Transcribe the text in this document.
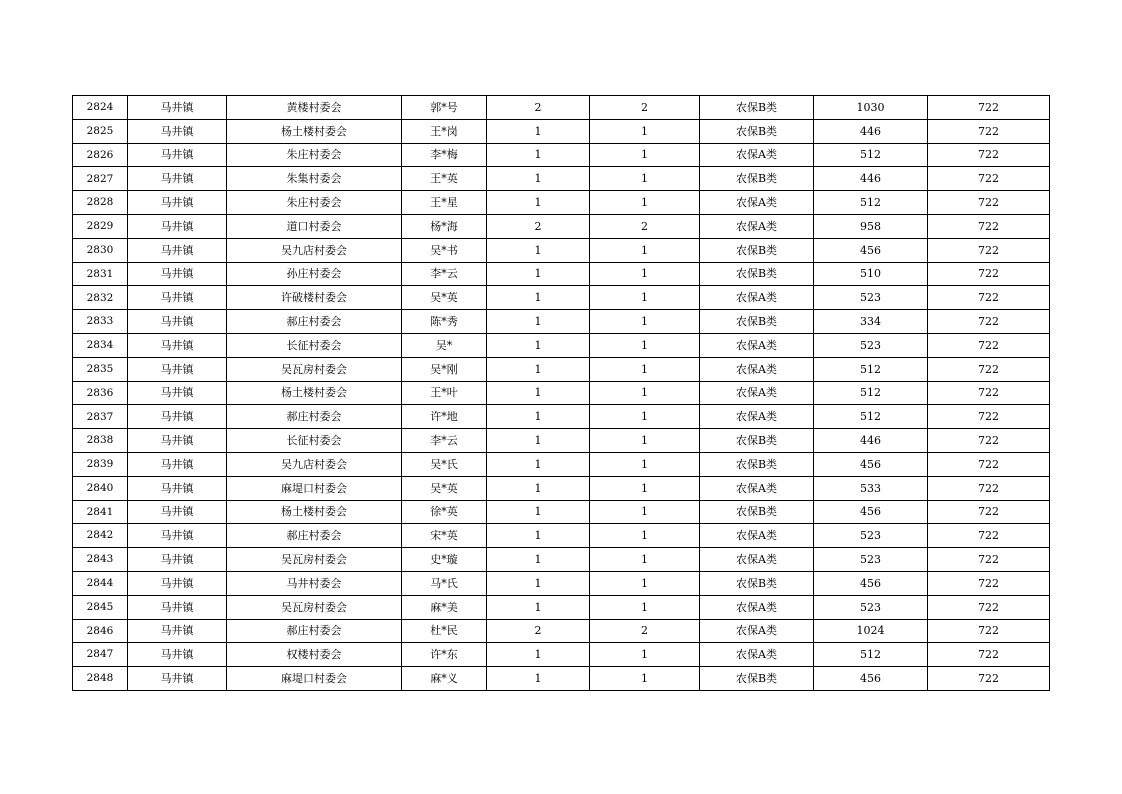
2824	马井镇	黄楼村委会	郭*号	2	2	农保B类	1030	722
2825	马井镇	杨土楼村委会	王*岗	1	1	农保B类	446	722
2826	马井镇	朱庄村委会	李*梅	1	1	农保A类	512	722
2827	马井镇	朱集村委会	王*英	1	1	农保B类	446	722
2828	马井镇	朱庄村委会	王*星	1	1	农保A类	512	722
2829	马井镇	道口村委会	杨*海	2	2	农保A类	958	722
2830	马井镇	吴九店村委会	吴*书	1	1	农保B类	456	722
2831	马井镇	孙庄村委会	李*云	1	1	农保B类	510	722
2832	马井镇	许破楼村委会	吴*英	1	1	农保A类	523	722
2833	马井镇	郝庄村委会	陈*秀	1	1	农保B类	334	722
2834	马井镇	长征村委会	吴*	1	1	农保A类	523	722
2835	马井镇	吴瓦房村委会	吴*刚	1	1	农保A类	512	722
2836	马井镇	杨土楼村委会	王*叶	1	1	农保A类	512	722
2837	马井镇	郝庄村委会	许*地	1	1	农保A类	512	722
2838	马井镇	长征村委会	李*云	1	1	农保B类	446	722
2839	马井镇	吴九店村委会	吴*氏	1	1	农保B类	456	722
2840	马井镇	麻堤口村委会	吴*英	1	1	农保A类	533	722
2841	马井镇	杨土楼村委会	徐*英	1	1	农保B类	456	722
2842	马井镇	郝庄村委会	宋*英	1	1	农保A类	523	722
2843	马井镇	吴瓦房村委会	史*璇	1	1	农保A类	523	722
2844	马井镇	马井村委会	马*氏	1	1	农保B类	456	722
2845	马井镇	吴瓦房村委会	麻*美	1	1	农保A类	523	722
2846	马井镇	郝庄村委会	杜*民	2	2	农保A类	1024	722
2847	马井镇	权楼村委会	许*东	1	1	农保A类	512	722
2848	马井镇	麻堤口村委会	麻*义	1	1	农保B类	456	722
